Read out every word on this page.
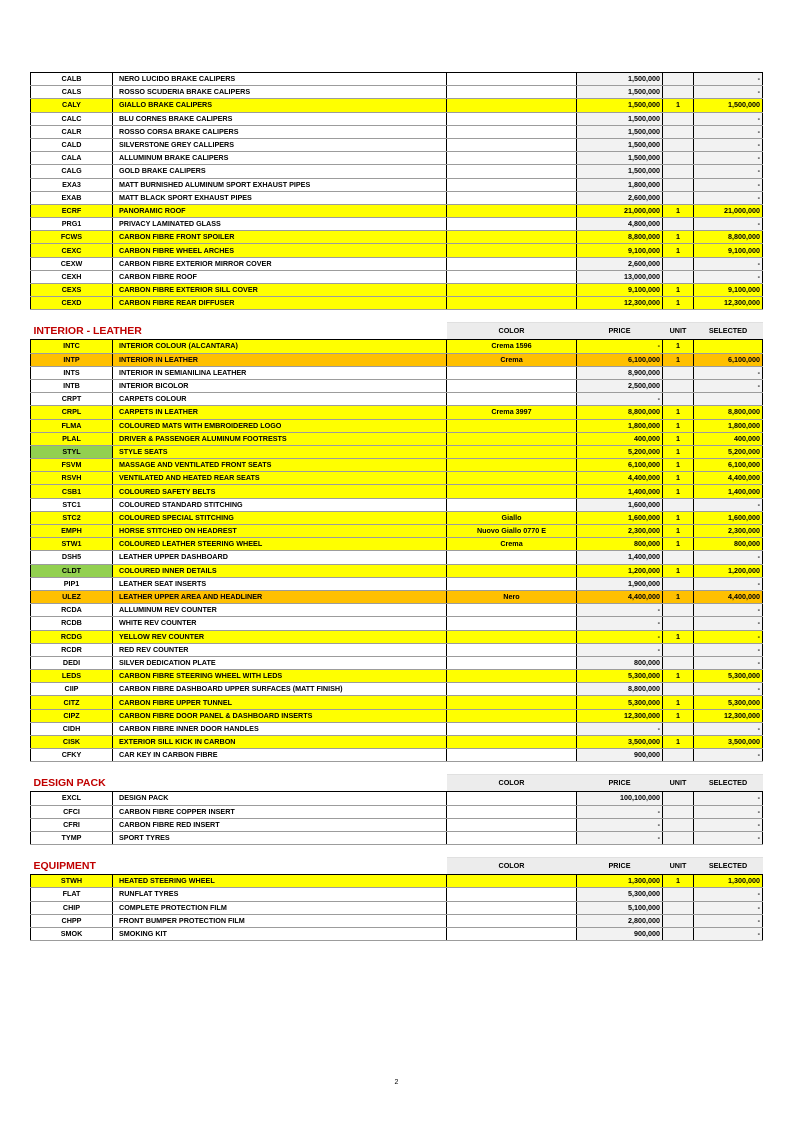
CALB	NERO LUCIDO BRAKE CALIPERS		1,500,000		-
CALS	ROSSO SCUDERIA BRAKE CALIPERS		1,500,000		-
CALY	GIALLO BRAKE CALIPERS		1,500,000	1	1,500,000
CALC	BLU CORNES BRAKE CALIPERS		1,500,000		-
CALR	ROSSO CORSA BRAKE CALIPERS		1,500,000		-
CALD	SILVERSTONE GREY CALLIPERS		1,500,000		-
CALA	ALLUMINUM BRAKE CALIPERS		1,500,000		-
CALG	GOLD BRAKE CALIPERS		1,500,000		-
EXA3	MATT BURNISHED ALUMINUM SPORT EXHAUST PIPES		1,800,000		-
EXAB	MATT BLACK SPORT EXHAUST PIPES		2,600,000		-
ECRF	PANORAMIC ROOF		21,000,000	1	21,000,000
PRG1	PRIVACY LAMINATED GLASS		4,800,000		-
FCWS	CARBON FIBRE FRONT SPOILER		8,800,000	1	8,800,000
CEXC	CARBON FIBRE WHEEL ARCHES		9,100,000	1	9,100,000
CEXW	CARBON FIBRE EXTERIOR MIRROR COVER		2,600,000		-
CEXH	CARBON FIBRE ROOF		13,000,000		-
CEXS	CARBON FIBRE EXTERIOR SILL COVER		9,100,000	1	9,100,000
CEXD	CARBON FIBRE REAR DIFFUSER		12,300,000	1	12,300,000

INTERIOR - LEATHER		COLOR	PRICE	UNIT	SELECTED
INTC	INTERIOR COLOUR (ALCANTARA)	Crema 1596	-	1	
INTP	INTERIOR IN LEATHER	Crema	6,100,000	1	6,100,000
INTS	INTERIOR IN SEMIANILINA LEATHER		8,900,000		-
INTB	INTERIOR BICOLOR		2,500,000		-
CRPT	CARPETS COLOUR		-		
CRPL	CARPETS IN LEATHER	Crema 3997	8,800,000	1	8,800,000
FLMA	COLOURED MATS WITH EMBROIDERED LOGO		1,800,000	1	1,800,000
PLAL	DRIVER & PASSENGER ALUMINUM FOOTRESTS		400,000	1	400,000
STYL	STYLE SEATS		5,200,000	1	5,200,000
FSVM	MASSAGE AND VENTILATED FRONT SEATS		6,100,000	1	6,100,000
RSVH	VENTILATED AND HEATED REAR SEATS		4,400,000	1	4,400,000
CSB1	COLOURED SAFETY BELTS		1,400,000	1	1,400,000
STC1	COLOURED STANDARD STITCHING		1,600,000		-
STC2	COLOURED SPECIAL STITCHING	Giallo	1,600,000	1	1,600,000
EMPH	HORSE STITCHED ON HEADREST	Nuovo Giallo 0770 E	2,300,000	1	2,300,000
STW1	COLOURED LEATHER STEERING WHEEL	Crema	800,000	1	800,000
DSH5	LEATHER UPPER DASHBOARD		1,400,000		-
CLDT	COLOURED INNER DETAILS		1,200,000	1	1,200,000
PIP1	LEATHER SEAT INSERTS		1,900,000		-
ULEZ	LEATHER UPPER AREA AND HEADLINER	Nero	4,400,000	1	4,400,000
RCDA	ALLUMINUM REV COUNTER		-		-
RCDB	WHITE REV COUNTER		-		-
RCDG	YELLOW REV COUNTER		-	1	-
RCDR	RED REV COUNTER		-		-
DEDI	SILVER DEDICATION PLATE		800,000		-
LEDS	CARBON FIBRE STEERING WHEEL WITH LEDS		5,300,000	1	5,300,000
CIIP	CARBON FIBRE DASHBOARD UPPER SURFACES (MATT FINISH)		8,800,000		-
CITZ	CARBON FIBRE UPPER TUNNEL		5,300,000	1	5,300,000
CIPZ	CARBON FIBRE DOOR PANEL & DASHBOARD INSERTS		12,300,000	1	12,300,000
CIDH	CARBON FIBRE INNER DOOR HANDLES		-		-
CISK	EXTERIOR SILL KICK IN CARBON		3,500,000	1	3,500,000
CFKY	CAR KEY IN CARBON FIBRE		900,000		-

DESIGN PACK		COLOR	PRICE	UNIT	SELECTED
EXCL	DESIGN PACK		100,100,000		-
CFCI	CARBON FIBRE COPPER INSERT		-		-
CFRI	CARBON FIBRE RED INSERT		-		-
TYMP	SPORT TYRES		-		-

EQUIPMENT		COLOR	PRICE	UNIT	SELECTED
STWH	HEATED STEERING WHEEL		1,300,000	1	1,300,000
FLAT	RUNFLAT TYRES		5,300,000		-
CHIP	COMPLETE PROTECTION FILM		5,100,000		-
CHPP	FRONT BUMPER PROTECTION FILM		2,800,000		-
SMOK	SMOKING KIT		900,000		-
2
